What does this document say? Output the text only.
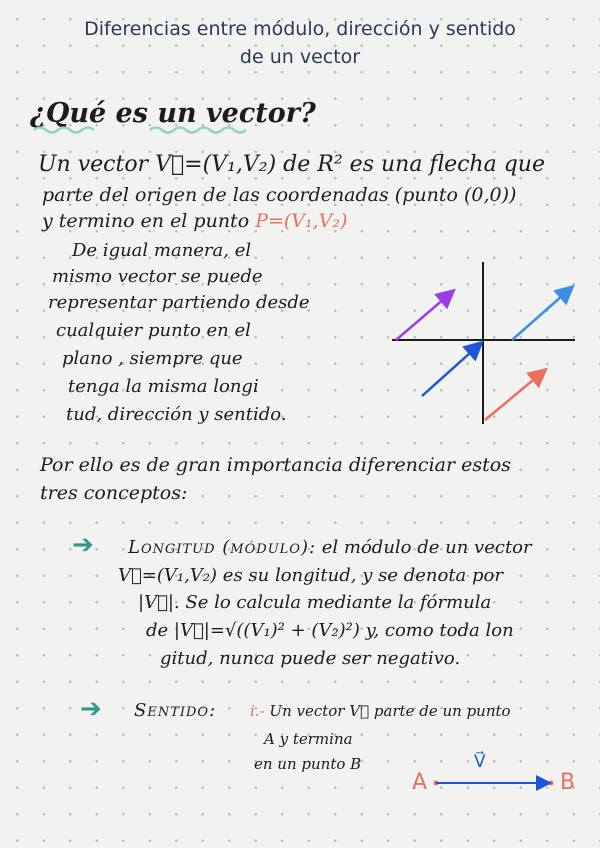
Diferencias entre módulo, dirección y sentido
de un vector
¿Qué es un vector?
Un vector V⃗=(V₁,V₂) de R² es una flecha que
parte del origen de las coordenadas (punto (0,0))
y termino en el punto P=(V₁,V₂)
De igual manera, el
mismo vector se puede
representar partiendo desde
cualquier punto en el
plano , siempre que
tenga la misma longi
tud, dirección y sentido.
Por ello es de gran importancia diferenciar estos
tres conceptos:
➔ Longitud (módulo): el módulo de un vector
V⃗=(V₁,V₂) es su longitud, y se denota por
|V⃗|. Se lo calcula mediante la fórmula
de |V⃗|=√((V₁)² + (V₂)²) y, como toda lon
gitud, nunca puede ser negativo.
➔ Sentido: i.- Un vector V⃗ parte de un punto
A y termina
en un punto B
A	B
V⃗
